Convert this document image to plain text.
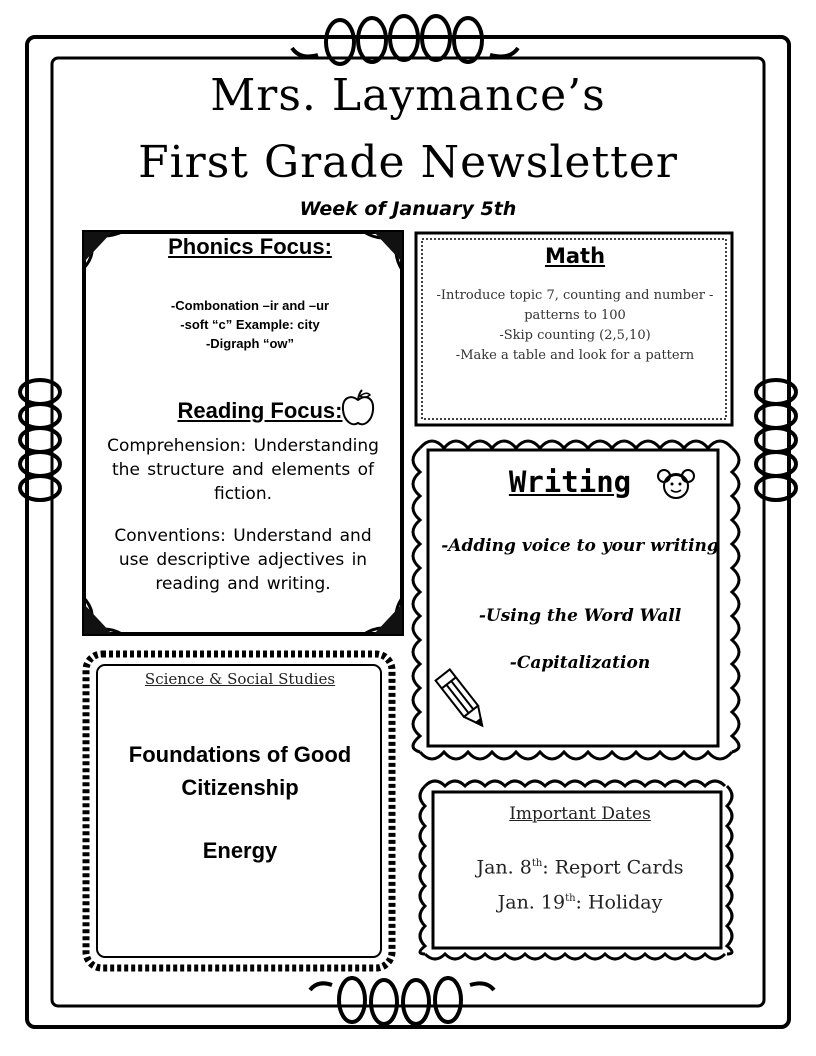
Mrs. Laymance’s
First Grade Newsletter
Week of January 5th
Phonics Focus:
-Combonation –ir and –ur
-soft “c” Example: city
-Digraph “ow”
Reading Focus:
Comprehension: Understanding the structure and elements of fiction.
Conventions: Understand and use descriptive adjectives in reading and writing.
Math
-Introduce topic 7, counting and number - patterns to 100
-Skip counting (2,5,10)
-Make a table and look for a pattern
Writing
-Adding voice to your writing
-Using the Word Wall
-Capitalization
Science & Social Studies
Foundations of Good Citizenship
Energy
Important Dates
Jan. 8th: Report Cards
Jan. 19th: Holiday
